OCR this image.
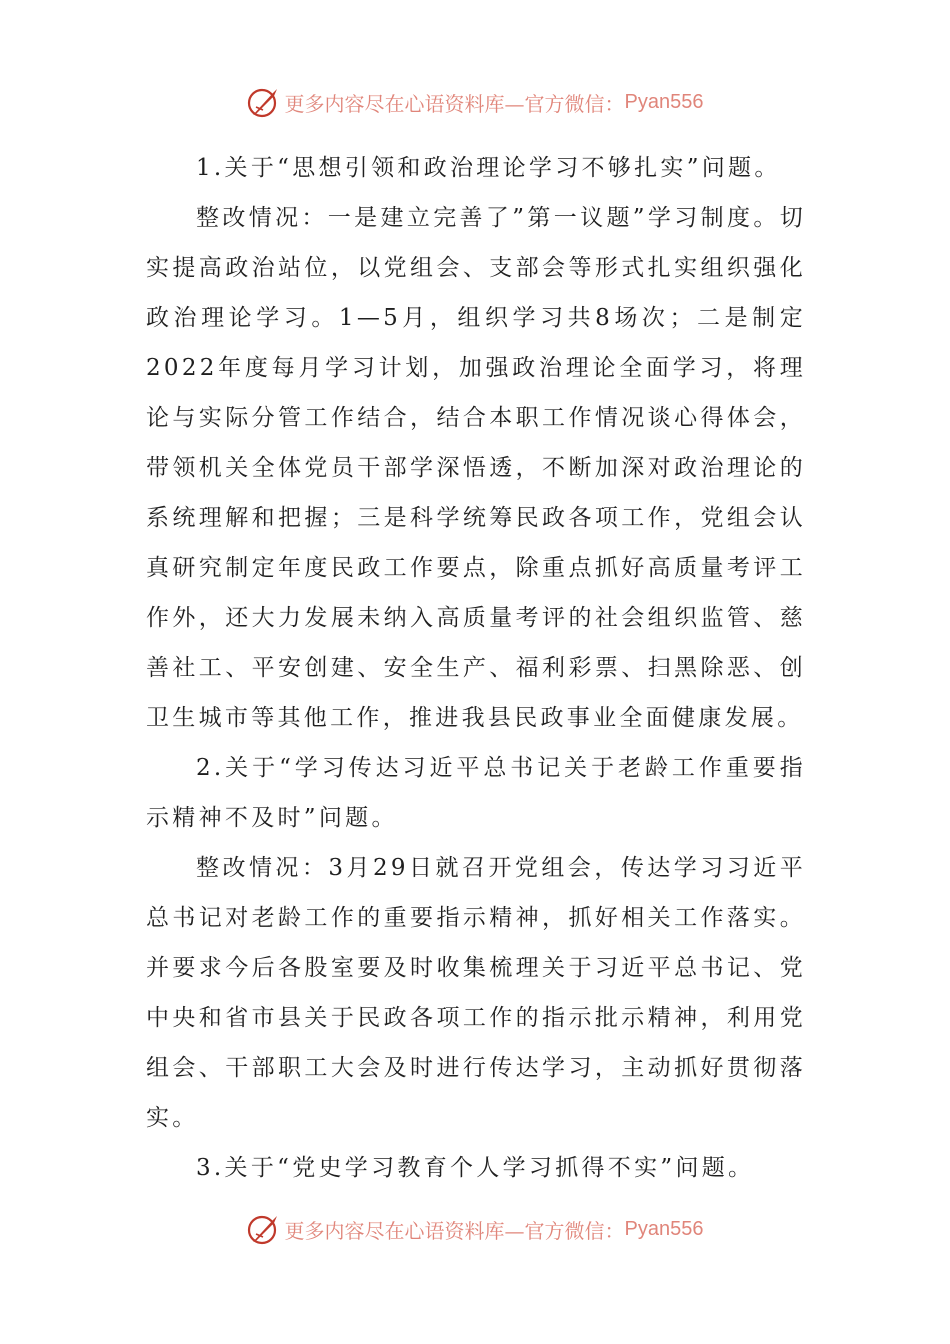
更多内容尽在心语资料库—官方微信： Pyan556

1.关于“思想引领和政治理论学习不够扎实”问题。

整改情况：一是建立完善了”第一议题”学习制度。切实提高政治站位，以党组会、支部会等形式扎实组织强化政治理论学习。1—5月，组织学习共8场次；二是制定2022年度每月学习计划，加强政治理论全面学习，将理论与实际分管工作结合，结合本职工作情况谈心得体会，带领机关全体党员干部学深悟透，不断加深对政治理论的系统理解和把握；三是科学统筹民政各项工作，党组会认真研究制定年度民政工作要点，除重点抓好高质量考评工作外，还大力发展未纳入高质量考评的社会组织监管、慈善社工、平安创建、安全生产、福利彩票、扫黑除恶、创卫生城市等其他工作，推进我县民政事业全面健康发展。

2.关于“学习传达习近平总书记关于老龄工作重要指示精神不及时”问题。

整改情况：3月29日就召开党组会，传达学习习近平总书记对老龄工作的重要指示精神，抓好相关工作落实。并要求今后各股室要及时收集梳理关于习近平总书记、党中央和省市县关于民政各项工作的指示批示精神，利用党组会、干部职工大会及时进行传达学习，主动抓好贯彻落实。

3.关于“党史学习教育个人学习抓得不实”问题。

更多内容尽在心语资料库—官方微信： Pyan556
